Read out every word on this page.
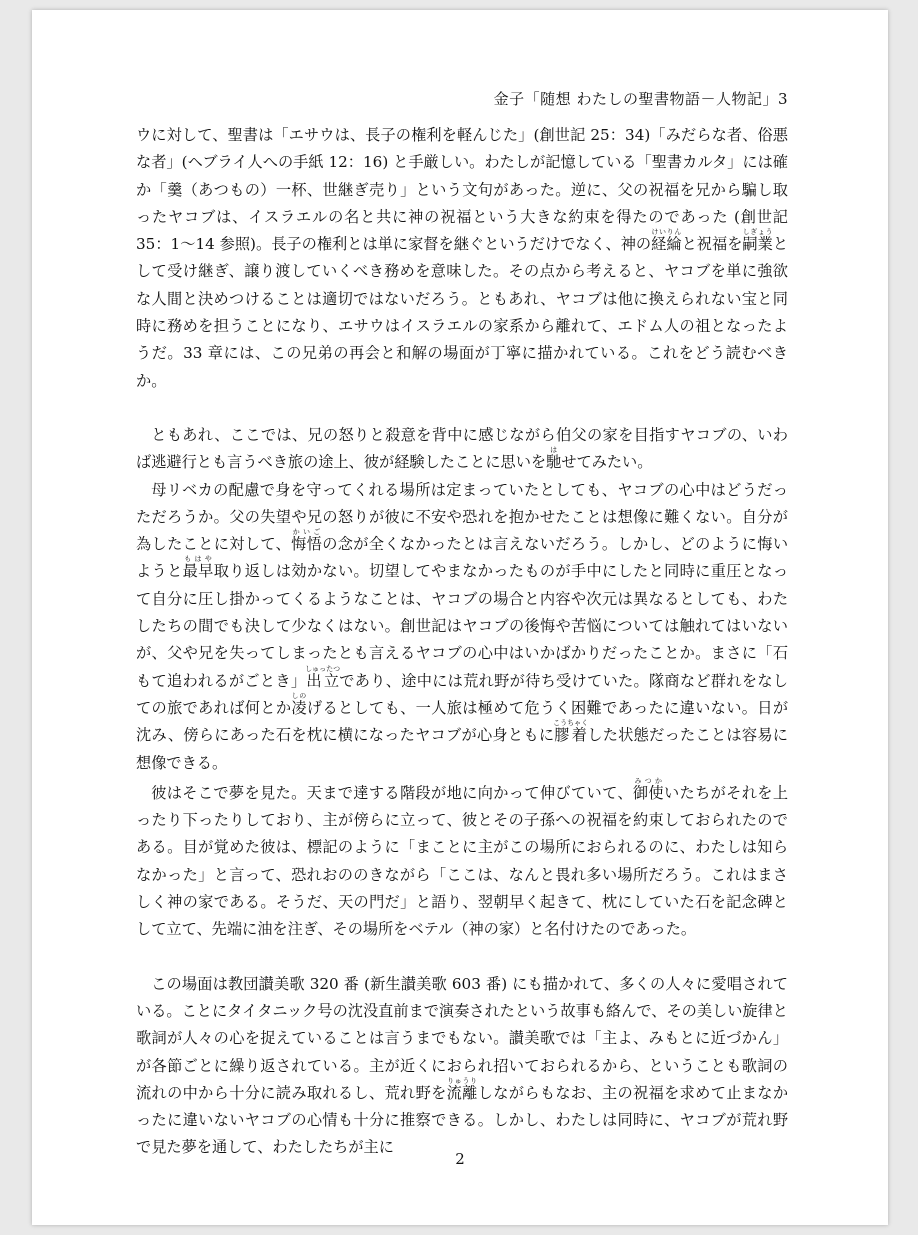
金子「随想 わたしの聖書物語－人物記」3

ウに対して、聖書は「エサウは、長子の権利を軽んじた」(創世記 25：34)「みだらな者、俗悪な者」(ヘブライ人への手紙 12：16) と手厳しい。わたしが記憶している「聖書カルタ」には確か「羹（あつもの）一杯、世継ぎ売り」という文句があった。逆に、父の祝福を兄から騙し取ったヤコブは、イスラエルの名と共に神の祝福という大きな約束を得たのであった (創世記 35：1〜14 参照)。長子の権利とは単に家督を継ぐというだけでなく、神の経綸けいりんと祝福を嗣業しぎょうとして受け継ぎ、譲り渡していくべき務めを意味した。その点から考えると、ヤコブを単に強欲な人間と決めつけることは適切ではないだろう。ともあれ、ヤコブは他に換えられない宝と同時に務めを担うことになり、エサウはイスラエルの家系から離れて、エドム人の祖となったようだ。33 章には、この兄弟の再会と和解の場面が丁寧に描かれている。これをどう読むべきか。

ともあれ、ここでは、兄の怒りと殺意を背中に感じながら伯父の家を目指すヤコブの、いわば逃避行とも言うべき旅の途上、彼が経験したことに思いを馳はせてみたい。

母リベカの配慮で身を守ってくれる場所は定まっていたとしても、ヤコブの心中はどうだっただろうか。父の失望や兄の怒りが彼に不安や恐れを抱かせたことは想像に難くない。自分が為したことに対して、悔悟かいごの念が全くなかったとは言えないだろう。しかし、どのように悔いようと最早もはや取り返しは効かない。切望してやまなかったものが手中にしたと同時に重圧となって自分に圧し掛かってくるようなことは、ヤコブの場合と内容や次元は異なるとしても、わたしたちの間でも決して少なくはない。創世記はヤコブの後悔や苦悩については触れてはいないが、父や兄を失ってしまったとも言えるヤコブの心中はいかばかりだったことか。まさに「石もて追われるがごとき」出立しゅったつであり、途中には荒れ野が待ち受けていた。隊商など群れをなしての旅であれば何とか凌しのげるとしても、一人旅は極めて危うく困難であったに違いない。日が沈み、傍らにあった石を枕に横になったヤコブが心身ともに膠着こうちゃくした状態だったことは容易に想像できる。

彼はそこで夢を見た。天まで達する階段が地に向かって伸びていて、御使みつかいたちがそれを上ったり下ったりしており、主が傍らに立って、彼とその子孫への祝福を約束しておられたのである。目が覚めた彼は、標記のように「まことに主がこの場所におられるのに、わたしは知らなかった」と言って、恐れおののきながら「ここは、なんと畏れ多い場所だろう。これはまさしく神の家である。そうだ、天の門だ」と語り、翌朝早く起きて、枕にしていた石を記念碑として立て、先端に油を注ぎ、その場所をベテル（神の家）と名付けたのであった。

この場面は教団讃美歌 320 番 (新生讃美歌 603 番) にも描かれて、多くの人々に愛唱されている。ことにタイタニック号の沈没直前まで演奏されたという故事も絡んで、その美しい旋律と歌詞が人々の心を捉えていることは言うまでもない。讃美歌では「主よ、みもとに近づかん」が各節ごとに繰り返されている。主が近くにおられ招いておられるから、ということも歌詞の流れの中から十分に読み取れるし、荒れ野を流離りゅうりしながらもなお、主の祝福を求めて止まなかったに違いないヤコブの心情も十分に推察できる。しかし、わたしは同時に、ヤコブが荒れ野で見た夢を通して、わたしたちが主に

2
